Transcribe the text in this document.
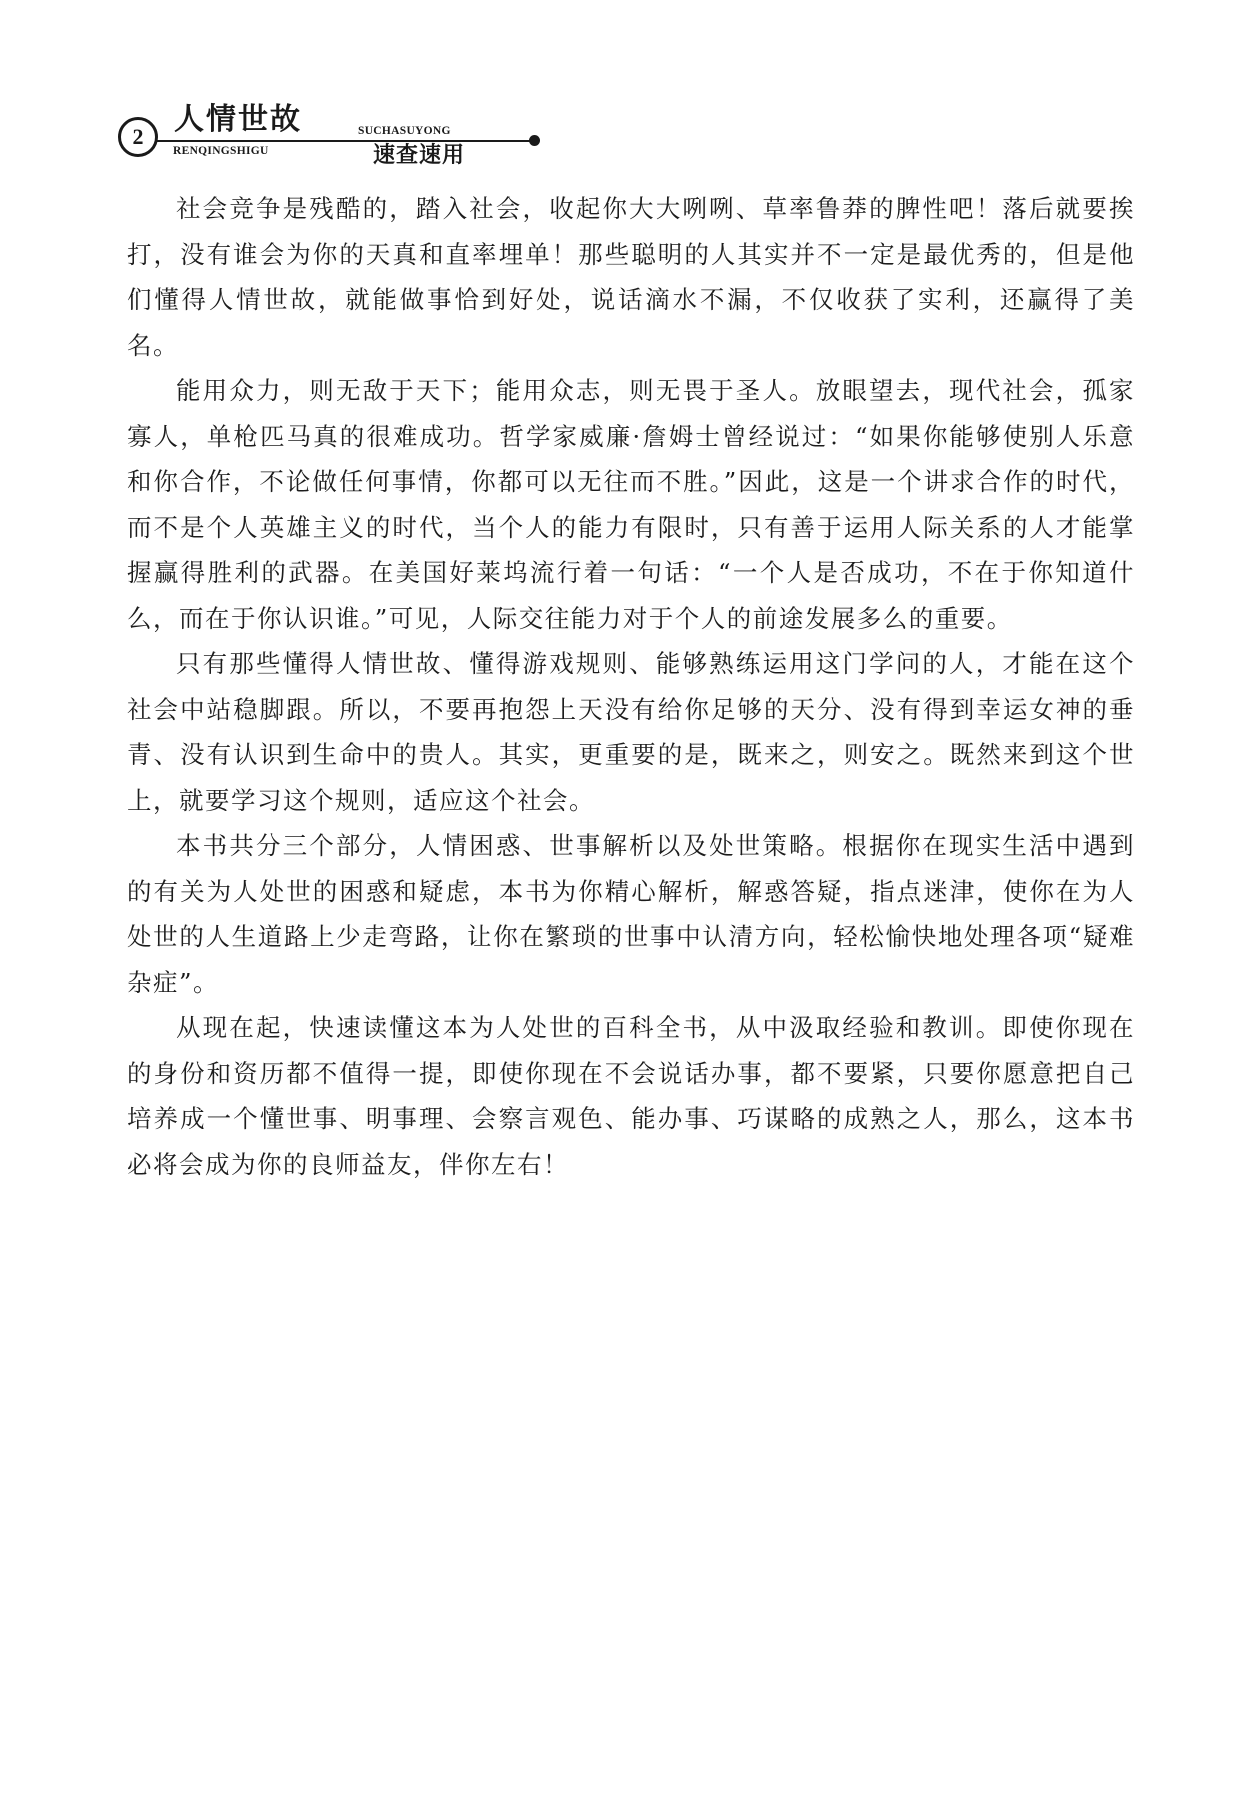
2 人情世故
RENQINGSHIGU
SUCHASUYONG
速查速用

社会竞争是残酷的，踏入社会，收起你大大咧咧、草率鲁莽的脾性吧！落后就要挨打，没有谁会为你的天真和直率埋单！那些聪明的人其实并不一定是最优秀的，但是他们懂得人情世故，就能做事恰到好处，说话滴水不漏，不仅收获了实利，还赢得了美名。

能用众力，则无敌于天下；能用众志，则无畏于圣人。放眼望去，现代社会，孤家寡人，单枪匹马真的很难成功。哲学家威廉·詹姆士曾经说过：“如果你能够使别人乐意和你合作，不论做任何事情，你都可以无往而不胜。”因此，这是一个讲求合作的时代，而不是个人英雄主义的时代，当个人的能力有限时，只有善于运用人际关系的人才能掌握赢得胜利的武器。在美国好莱坞流行着一句话：“一个人是否成功，不在于你知道什么，而在于你认识谁。”可见，人际交往能力对于个人的前途发展多么的重要。

只有那些懂得人情世故、懂得游戏规则、能够熟练运用这门学问的人，才能在这个社会中站稳脚跟。所以，不要再抱怨上天没有给你足够的天分、没有得到幸运女神的垂青、没有认识到生命中的贵人。其实，更重要的是，既来之，则安之。既然来到这个世上，就要学习这个规则，适应这个社会。

本书共分三个部分，人情困惑、世事解析以及处世策略。根据你在现实生活中遇到的有关为人处世的困惑和疑虑，本书为你精心解析，解惑答疑，指点迷津，使你在为人处世的人生道路上少走弯路，让你在繁琐的世事中认清方向，轻松愉快地处理各项“疑难杂症”。

从现在起，快速读懂这本为人处世的百科全书，从中汲取经验和教训。即使你现在的身份和资历都不值得一提，即使你现在不会说话办事，都不要紧，只要你愿意把自己培养成一个懂世事、明事理、会察言观色、能办事、巧谋略的成熟之人，那么，这本书必将会成为你的良师益友，伴你左右！
